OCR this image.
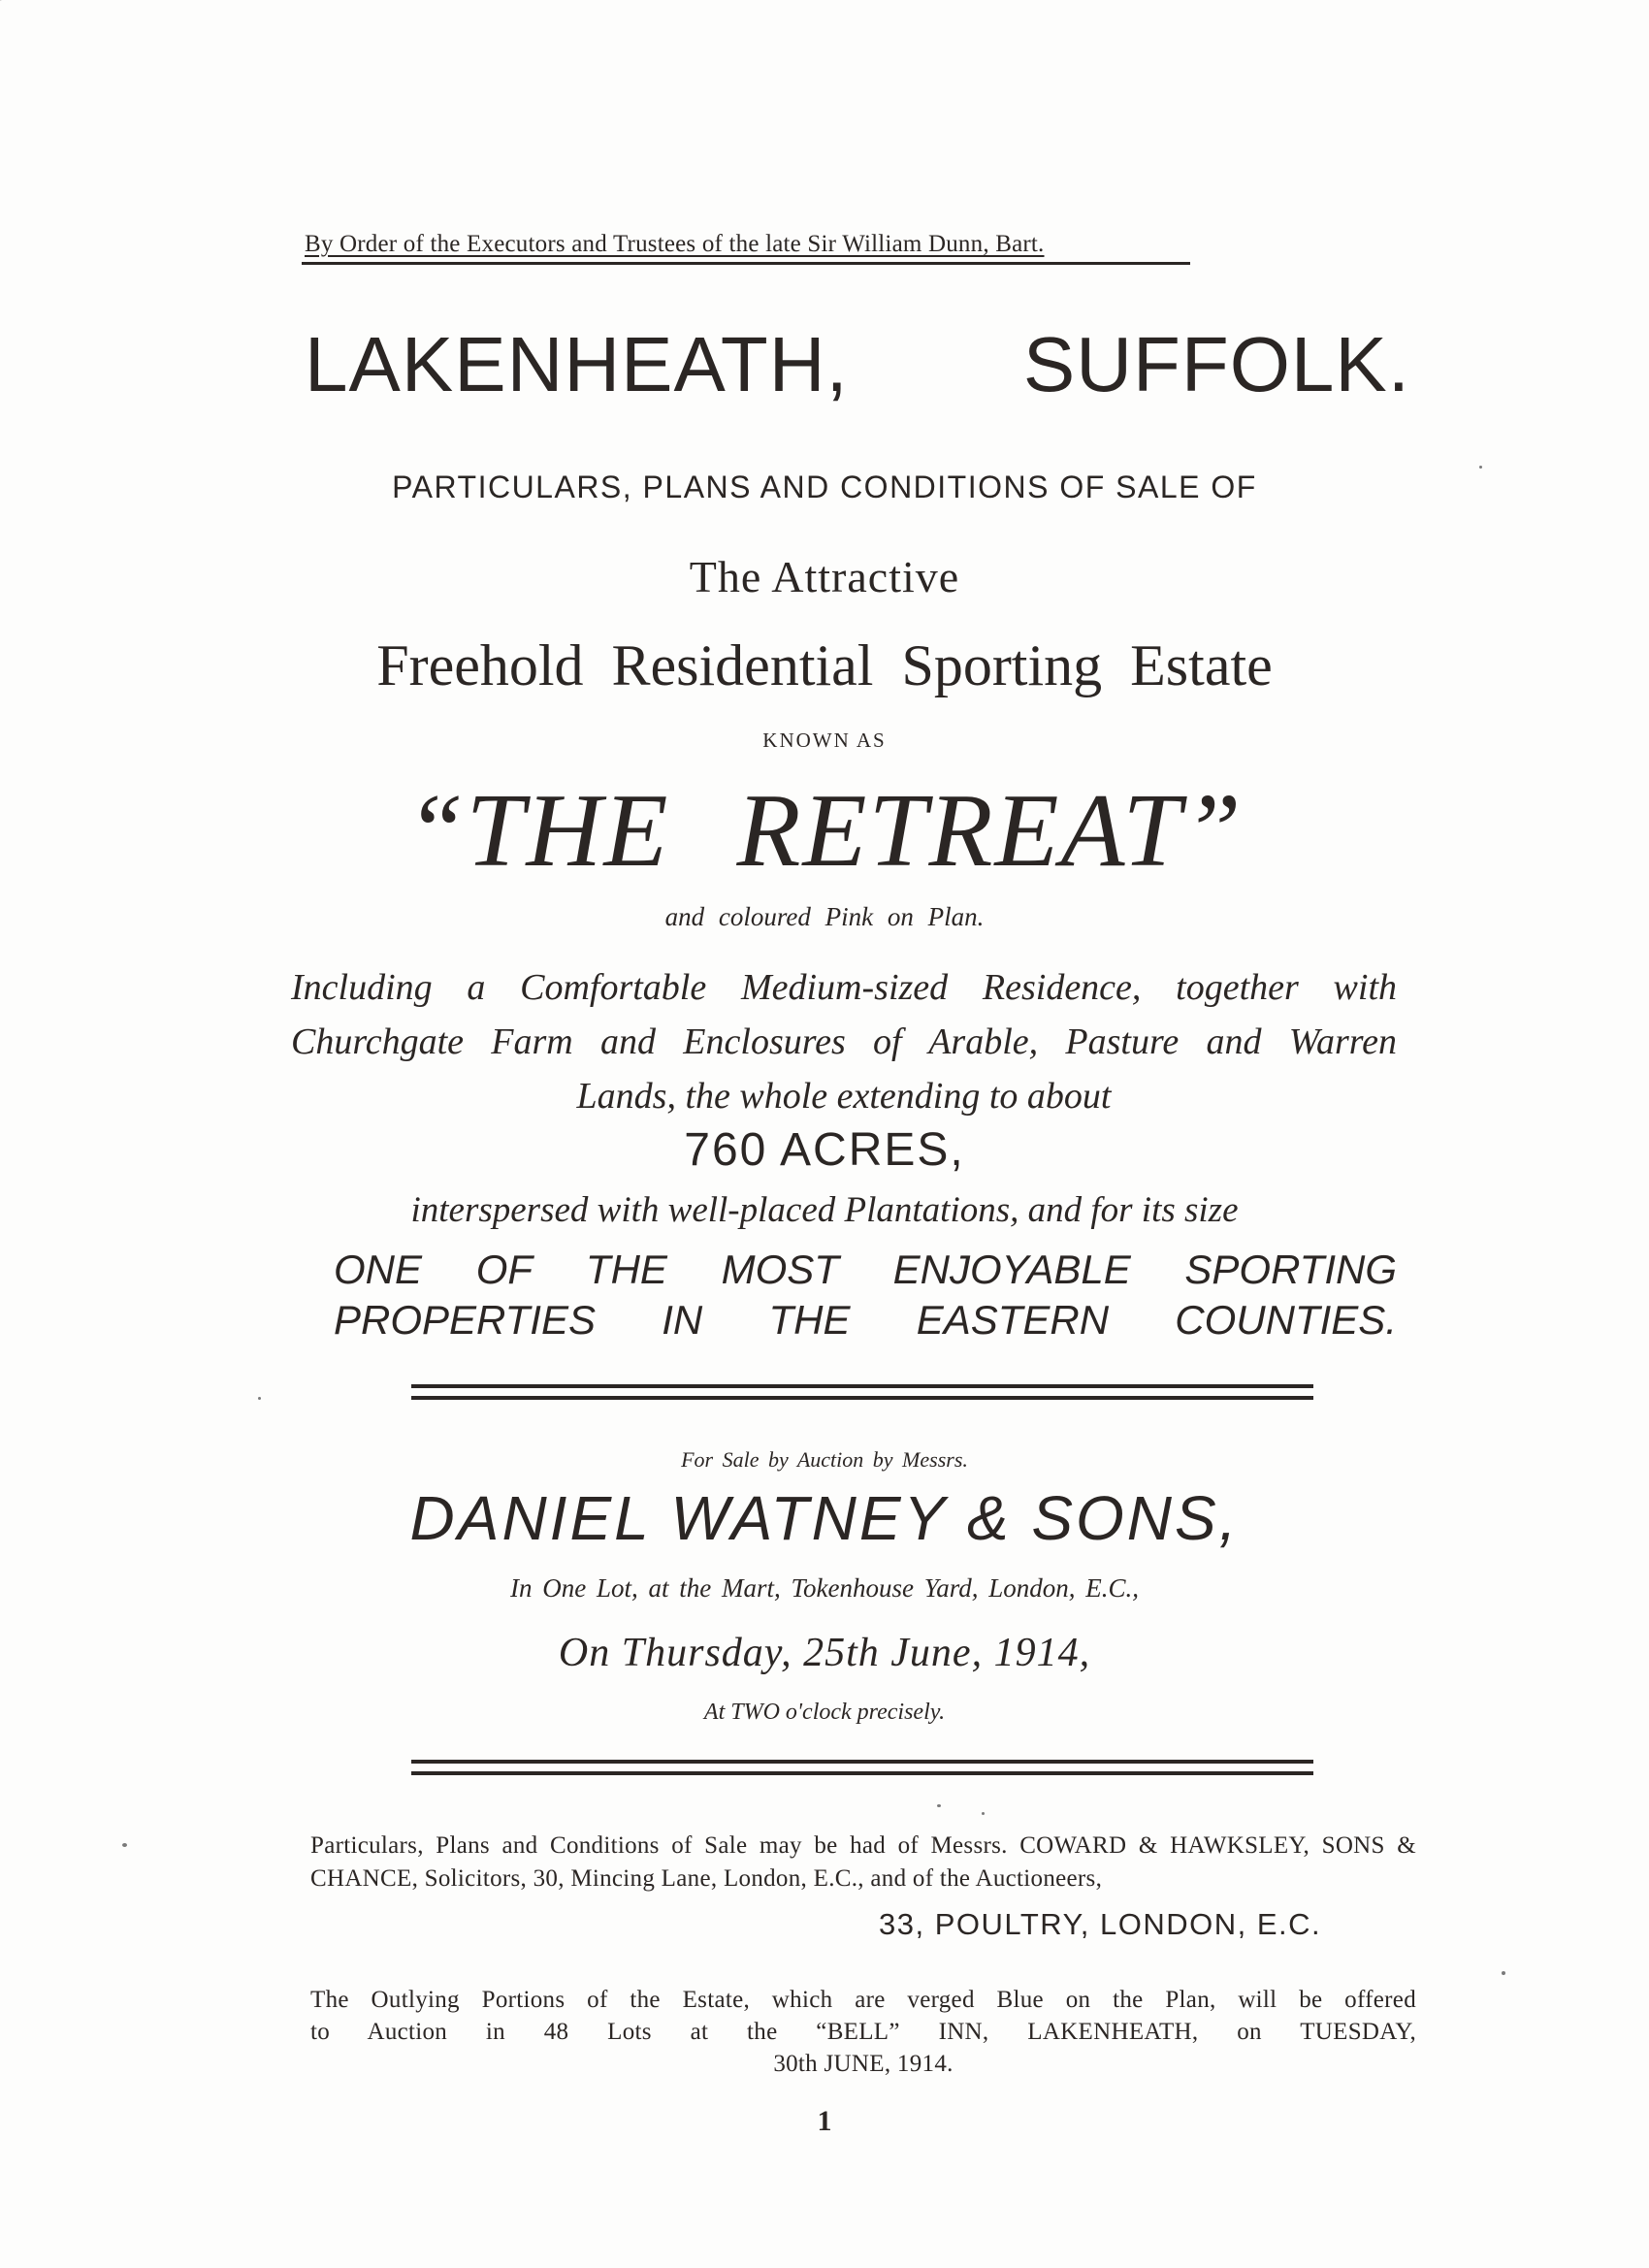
By Order of the Executors and Trustees of the late Sir William Dunn, Bart.
LAKENHEATH, SUFFOLK.
PARTICULARS, PLANS AND CONDITIONS OF SALE OF
The Attractive
Freehold Residential Sporting Estate
KNOWN AS
“THE RETREAT”
and coloured Pink on Plan.
Including a Comfortable Medium-sized Residence, together with
Churchgate Farm and Enclosures of Arable, Pasture and Warren
Lands, the whole extending to about
760 ACRES,
interspersed with well-placed Plantations, and for its size
ONE OF THE MOST ENJOYABLE SPORTING
PROPERTIES IN THE EASTERN COUNTIES.
For Sale by Auction by Messrs.
DANIEL WATNEY & SONS,
In One Lot, at the Mart, Tokenhouse Yard, London, E.C.,
On Thursday, 25th June, 1914,
At TWO o'clock precisely.
Particulars, Plans and Conditions of Sale may be had of Messrs. COWARD & HAWKSLEY, SONS & CHANCE, Solicitors, 30, Mincing Lane, London, E.C., and of the Auctioneers,
33, POULTRY, LONDON, E.C.
The Outlying Portions of the Estate, which are verged Blue on the Plan, will be offered
to Auction in 48 Lots at the “BELL” INN, LAKENHEATH, on TUESDAY,
30th JUNE, 1914.
1
